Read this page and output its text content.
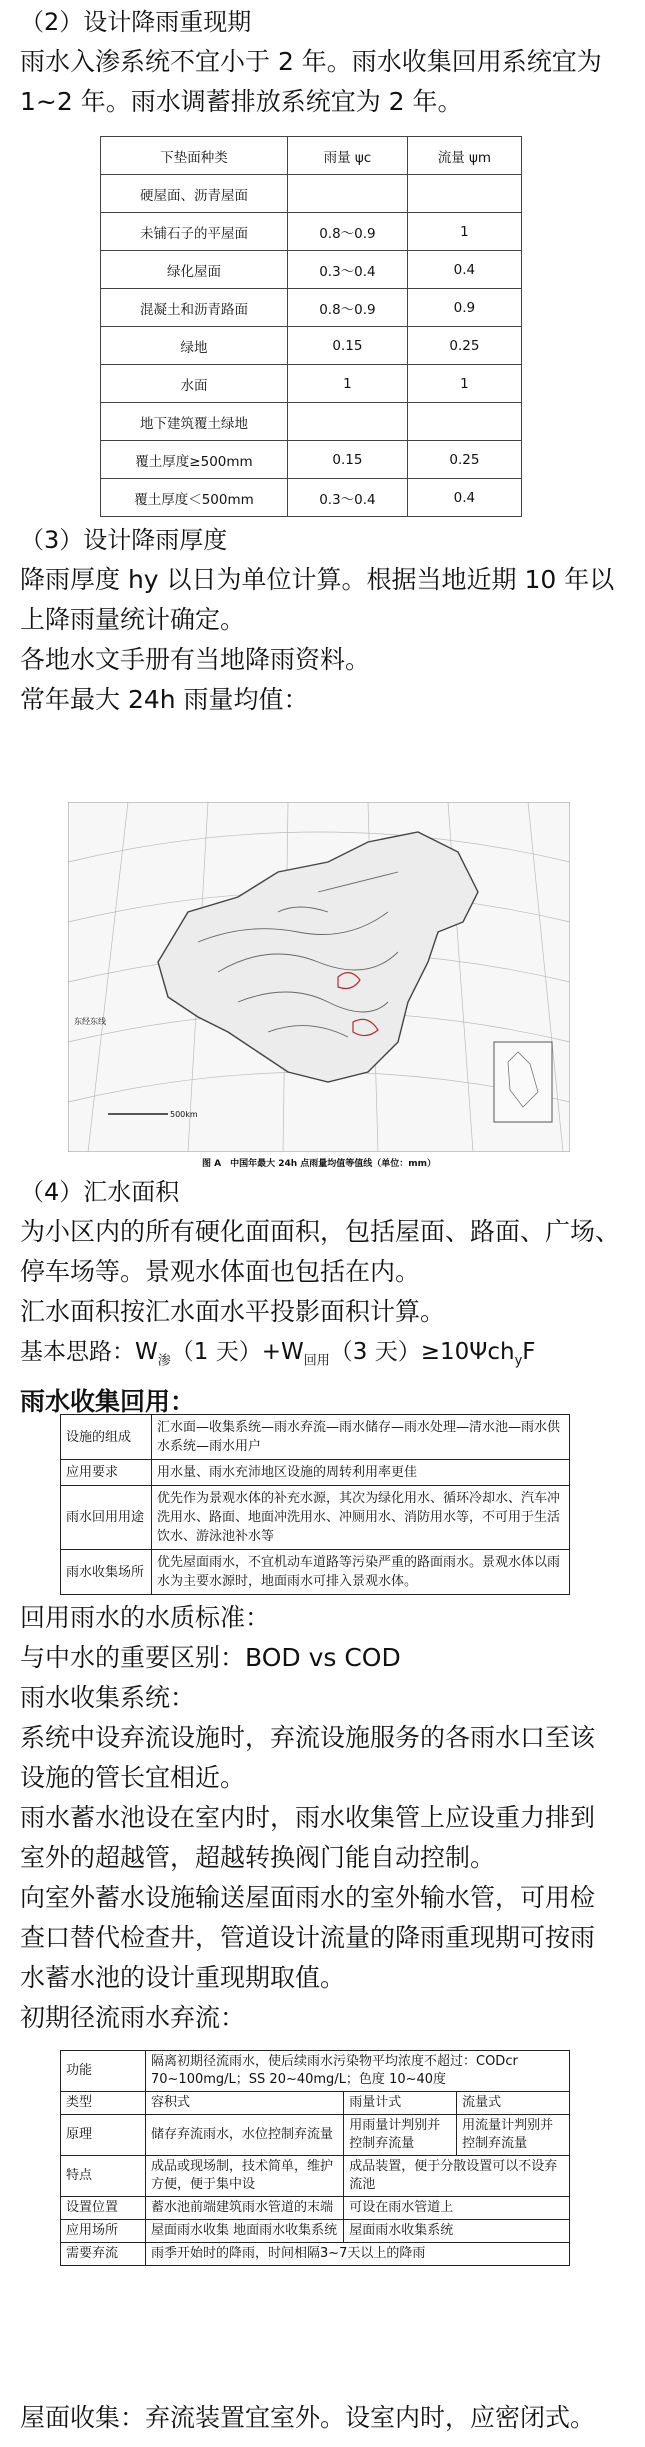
（2）设计降雨重现期
雨水入渗系统不宜小于 2 年。雨水收集回用系统宜为
1~2 年。雨水调蓄排放系统宜为 2 年。
下垫面种类	雨量 ψc	流量 ψm
硬屋面、沥青屋面		
未铺石子的平屋面	0.8～0.9	1
绿化屋面	0.3～0.4	0.4
混凝土和沥青路面	0.8～0.9	0.9
绿地	0.15	0.25
水面	1	1
地下建筑覆土绿地		
覆土厚度≥500mm	0.15	0.25
覆土厚度＜500mm	0.3～0.4	0.4
（3）设计降雨厚度
降雨厚度 hy 以日为单位计算。根据当地近期 10 年以
上降雨量统计确定。
各地水文手册有当地降雨资料。
常年最大 24h 雨量均值：
东经东线
500km
图 A　中国年最大 24h 点雨量均值等值线（单位：mm）
（4）汇水面积
为小区内的所有硬化面面积，包括屋面、路面、广场、
停车场等。景观水体面也包括在内。
汇水面积按汇水面水平投影面积计算。
基本思路：$W_渗(1$ 天）$+W_{回用}(3$ 天）≥10Ψch$_y$F
雨水收集回用：
设施的组成	汇水面—收集系统—雨水弃流—雨水储存—雨水处理—清水池—雨水供水系统—雨水用户
应用要求	用水量、雨水充沛地区设施的周转利用率更佳
雨水回用用途	优先作为景观水体的补充水源，其次为绿化用水、循环冷却水、汽车冲洗用水、路面、地面冲洗用水、冲厕用水、消防用水等，不可用于生活饮水、游泳池补水等
雨水收集场所	优先屋面雨水，不宜机动车道路等污染严重的路面雨水。景观水体以雨水为主要水源时，地面雨水可排入景观水体。
回用雨水的水质标准：
与中水的重要区别：BOD vs COD
雨水收集系统：
系统中设弃流设施时，弃流设施服务的各雨水口至该
设施的管长宜相近。
雨水蓄水池设在室内时，雨水收集管上应设重力排到
室外的超越管，超越转换阀门能自动控制。
向室外蓄水设施输送屋面雨水的室外输水管，可用检
查口替代检查井，管道设计流量的降雨重现期可按雨
水蓄水池的设计重现期取值。
初期径流雨水弃流：
功能	隔离初期径流雨水，使后续雨水污染物平均浓度不超过：CODcr 70~100mg/L；SS 20~40mg/L；色度 10~40度		
类型	容积式	雨量计式	流量式
原理	储存弃流雨水，水位控制弃流量	用雨量计判别并控制弃流量	用流量计判别并控制弃流量
特点	成品或现场制，技术简单，维护方便，便于集中设	成品装置，便于分散设置可以不设弃流池	
设置位置	蓄水池前端建筑雨水管道的末端	可设在雨水管道上	
应用场所	屋面雨水收集 地面雨水收集系统	屋面雨水收集系统	
需要弃流	雨季开始时的降雨，时间相隔3~7天以上的降雨		
屋面收集：弃流装置宜室外。设室内时，应密闭式。
